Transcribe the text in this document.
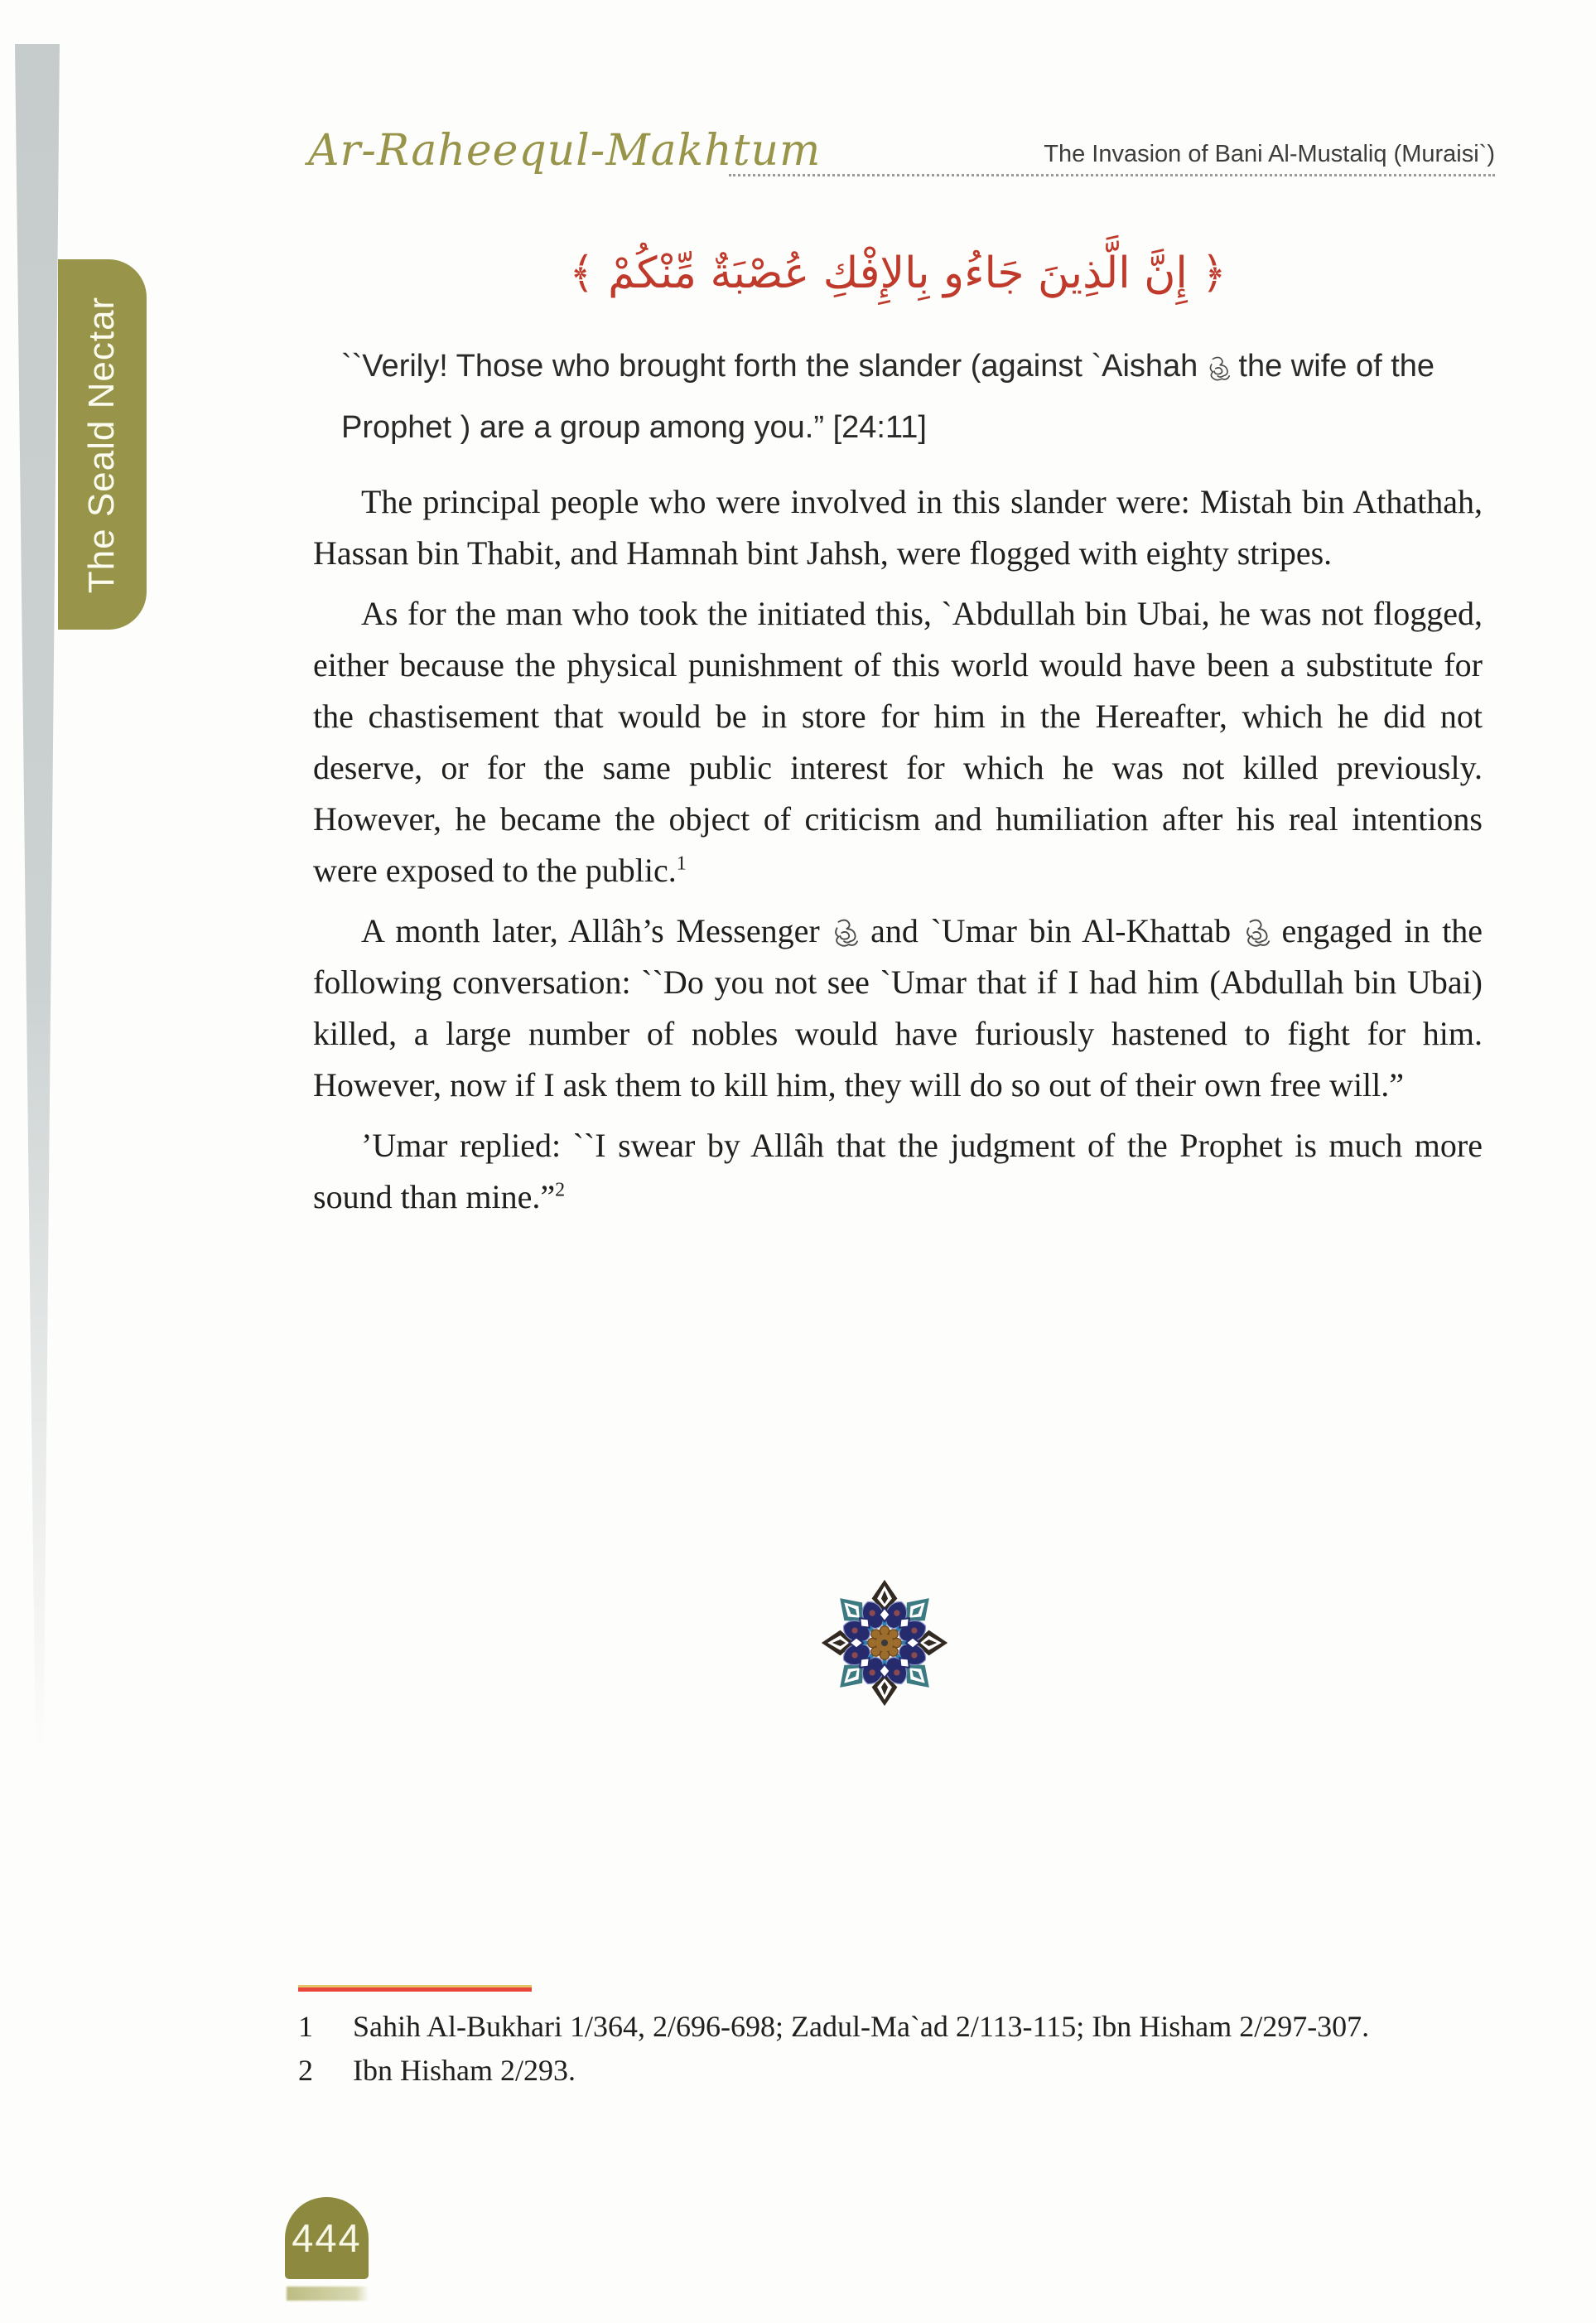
The Seald Nectar
Ar-Raheequl-Makhtum	The Invasion of Bani Al-Mustaliq (Muraisi`)
﴿ إِنَّ الَّذِينَ جَاءُو بِالإِفْكِ عُصْبَةٌ مِّنْكُمْ ﴾
``Verily! Those who brought forth the slander (against `Aishah the wife of the Prophet ) are a group among you.” [24:11]

The principal people who were involved in this slander were: Mistah bin Athathah, Hassan bin Thabit, and Hamnah bint Jahsh, were flogged with eighty stripes.

As for the man who took the initiated this, `Abdullah bin Ubai, he was not flogged, either because the physical punishment of this world would have been a substitute for the chastisement that would be in store for him in the Hereafter, which he did not deserve, or for the same public interest for which he was not killed previously. However, he became the object of criticism and humiliation after his real intentions were exposed to the public.$^1$

A month later, Allâh’s Messenger and `Umar bin Al-Khattab engaged in the following conversation: ``Do you not see `Umar that if I had him (Abdullah bin Ubai) killed, a large number of nobles would have furiously hastened to fight for him. However, now if I ask them to kill him, they will do so out of their own free will.”

’Umar replied: ``I swear by Allâh that the judgment of the Prophet is much more sound than mine.”$^2$

1	Sahih Al-Bukhari 1/364, 2/696-698; Zadul-Ma`ad 2/113-115; Ibn Hisham 2/297-307.
2	Ibn Hisham 2/293.
444
